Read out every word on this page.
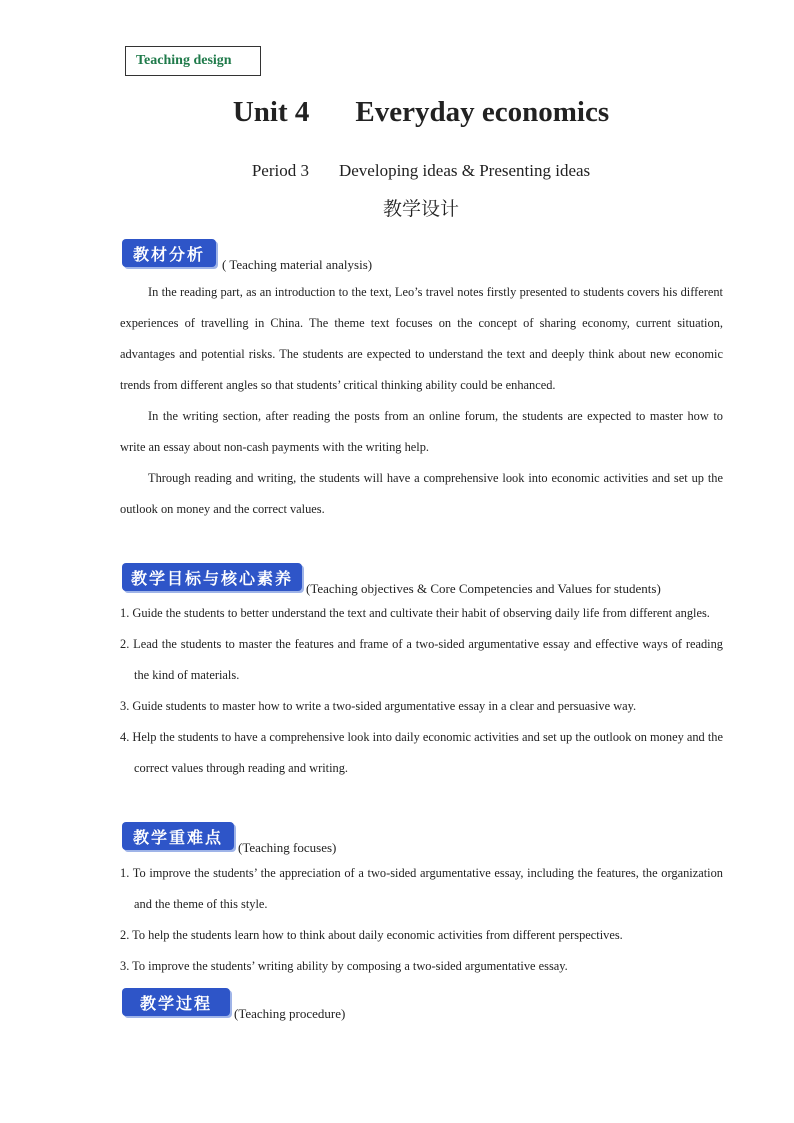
Teaching design
Unit 4 Everyday economics
Period 3 Developing ideas & Presenting ideas
教学设计
教材分析
( Teaching material analysis)

In the reading part, as an introduction to the text, Leo’s travel notes firstly presented to students covers his different experiences of travelling in China. The theme text focuses on the concept of sharing economy, current situation, advantages and potential risks. The students are expected to understand the text and deeply think about new economic trends from different angles so that students’ critical thinking ability could be enhanced.

In the writing section, after reading the posts from an online forum, the students are expected to master how to write an essay about non-cash payments with the writing help.

Through reading and writing, the students will have a comprehensive look into economic activities and set up the outlook on money and the correct values.

教学目标与核心素养
(Teaching objectives & Core Competencies and Values for students)

1. Guide the students to better understand the text and cultivate their habit of observing daily life from different angles.

2. Lead the students to master the features and frame of a two-sided argumentative essay and effective ways of reading the kind of materials.

3. Guide students to master how to write a two-sided argumentative essay in a clear and persuasive way.

4. Help the students to have a comprehensive look into daily economic activities and set up the outlook on money and the correct values through reading and writing.

教学重难点
(Teaching focuses)

1. To improve the students’ the appreciation of a two-sided argumentative essay, including the features, the organization and the theme of this style.

2. To help the students learn how to think about daily economic activities from different perspectives.

3. To improve the students’ writing ability by composing a two-sided argumentative essay.

教学过程
(Teaching procedure)
